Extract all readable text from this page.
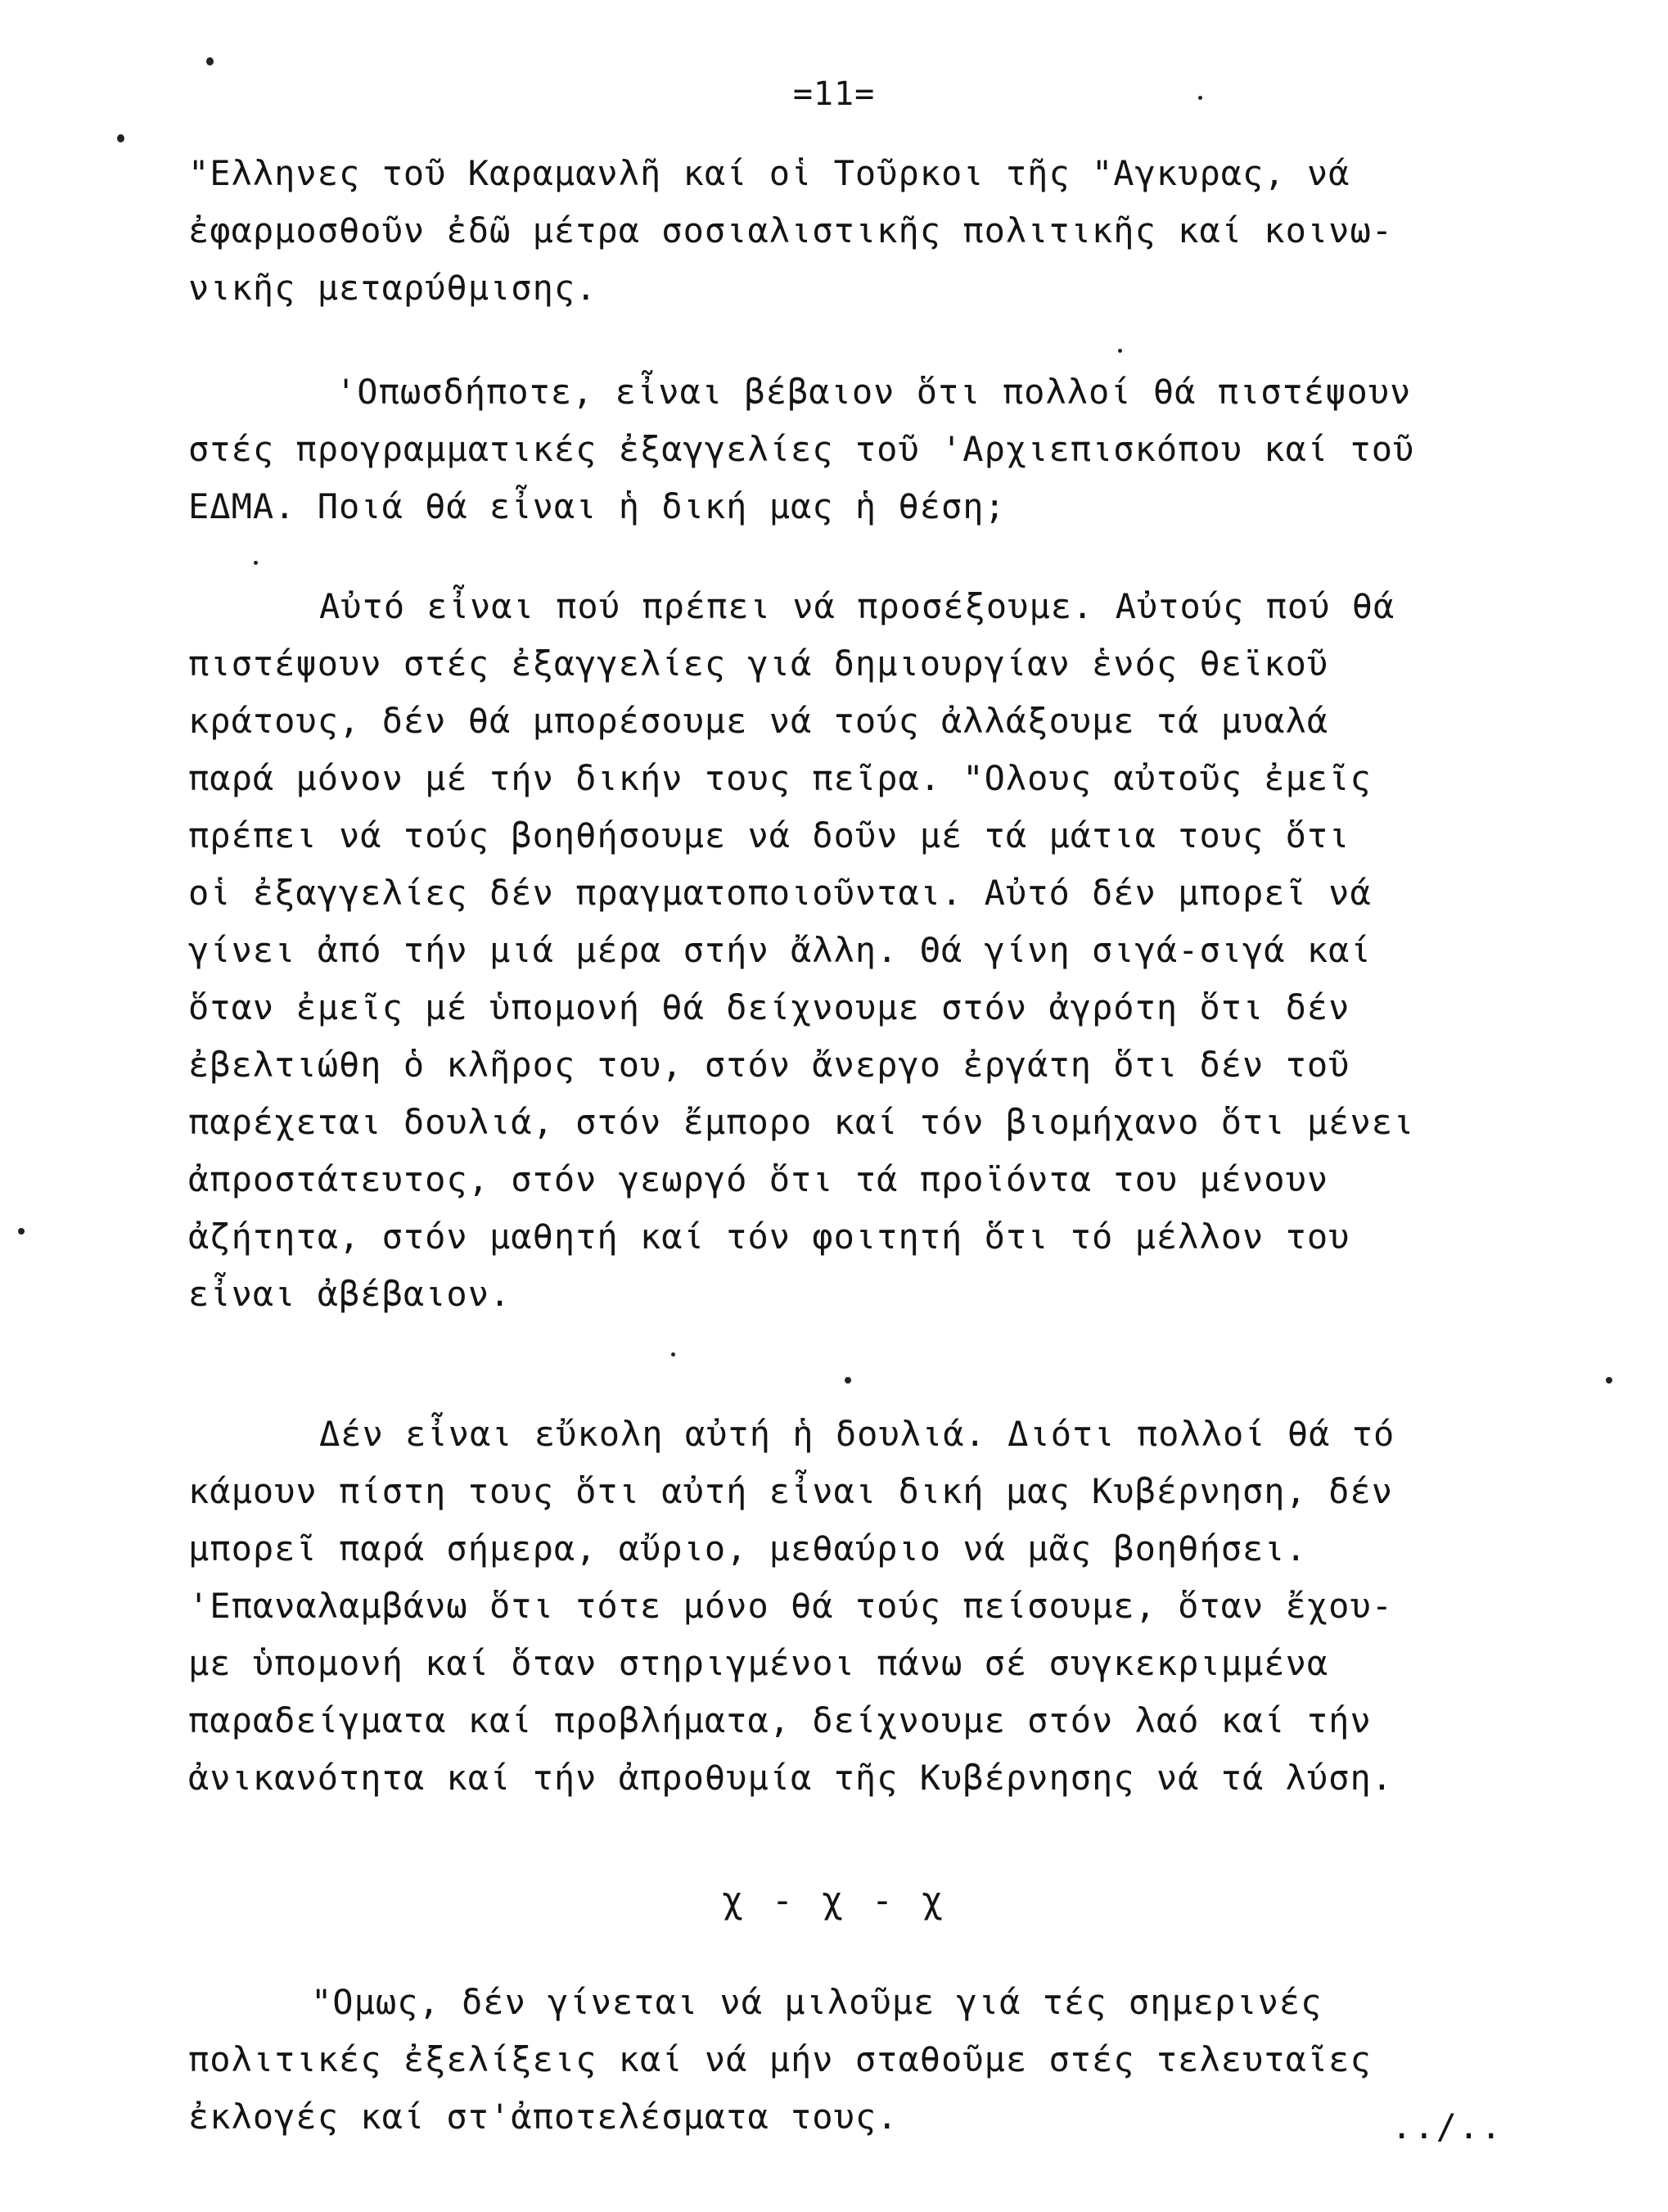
=11=
"Ελληνες τοῦ Καραμανλῆ καί οἱ Τοῦρκοι τῆς "Αγκυρας, νά
ἐφαρμοσθοῦν ἐδῶ μέτρα σοσιαλιστικῆς πολιτικῆς καί κοινω-
νικῆς μεταρύθμισης.
'Οπωσδήποτε, εἶναι βέβαιον ὅτι πολλοί θά πιστέψουν
στές προγραμματικές ἐξαγγελίες τοῦ 'Αρχιεπισκόπου καί τοῦ
ΕΔΜΑ. Ποιά θά εἶναι ἡ δική μας ἡ θέση;
Αὐτό εἶναι πού πρέπει νά προσέξουμε. Αὐτούς πού θά
πιστέψουν στές ἐξαγγελίες γιά δημιουργίαν ἑνός θεϊκοῦ
κράτους, δέν θά μπορέσουμε νά τούς ἀλλάξουμε τά μυαλά
παρά μόνον μέ τήν δικήν τους πεῖρα. "Ολους αὐτοῦς ἐμεῖς
πρέπει νά τούς βοηθήσουμε νά δοῦν μέ τά μάτια τους ὅτι
οἱ ἐξαγγελίες δέν πραγματοποιοῦνται. Αὐτό δέν μπορεῖ νά
γίνει ἀπό τήν μιά μέρα στήν ἄλλη. Θά γίνη σιγά-σιγά καί
ὅταν ἐμεῖς μέ ὑπομονή θά δείχνουμε στόν ἀγρότη ὅτι δέν
ἐβελτιώθη ὁ κλῆρος του, στόν ἄνεργο ἐργάτη ὅτι δέν τοῦ
παρέχεται δουλιά, στόν ἔμπορο καί τόν βιομήχανο ὅτι μένει
ἀπροστάτευτος, στόν γεωργό ὅτι τά προϊόντα του μένουν
ἀζήτητα, στόν μαθητή καί τόν φοιτητή ὅτι τό μέλλον του
εἶναι ἀβέβαιον.
Δέν εἶναι εὔκολη αὐτή ἡ δουλιά. Διότι πολλοί θά τό
κάμουν πίστη τους ὅτι αὐτή εἶναι δική μας Κυβέρνηση, δέν
μπορεῖ παρά σήμερα, αὔριο, μεθαύριο νά μᾶς βοηθήσει.
'Επαναλαμβάνω ὅτι τότε μόνο θά τούς πείσουμε, ὅταν ἔχου-
με ὑπομονή καί ὅταν στηριγμένοι πάνω σέ συγκεκριμμένα
παραδείγματα καί προβλήματα, δείχνουμε στόν λαό καί τήν
ἀνικανότητα καί τήν ἀπροθυμία τῆς Κυβέρνησης νά τά λύση.
χ - χ - χ
"Ομως, δέν γίνεται νά μιλοῦμε γιά τές σημερινές
πολιτικές ἐξελίξεις καί νά μήν σταθοῦμε στές τελευταῖες
ἐκλογές καί στ'ἀποτελέσματα τους.	../..
